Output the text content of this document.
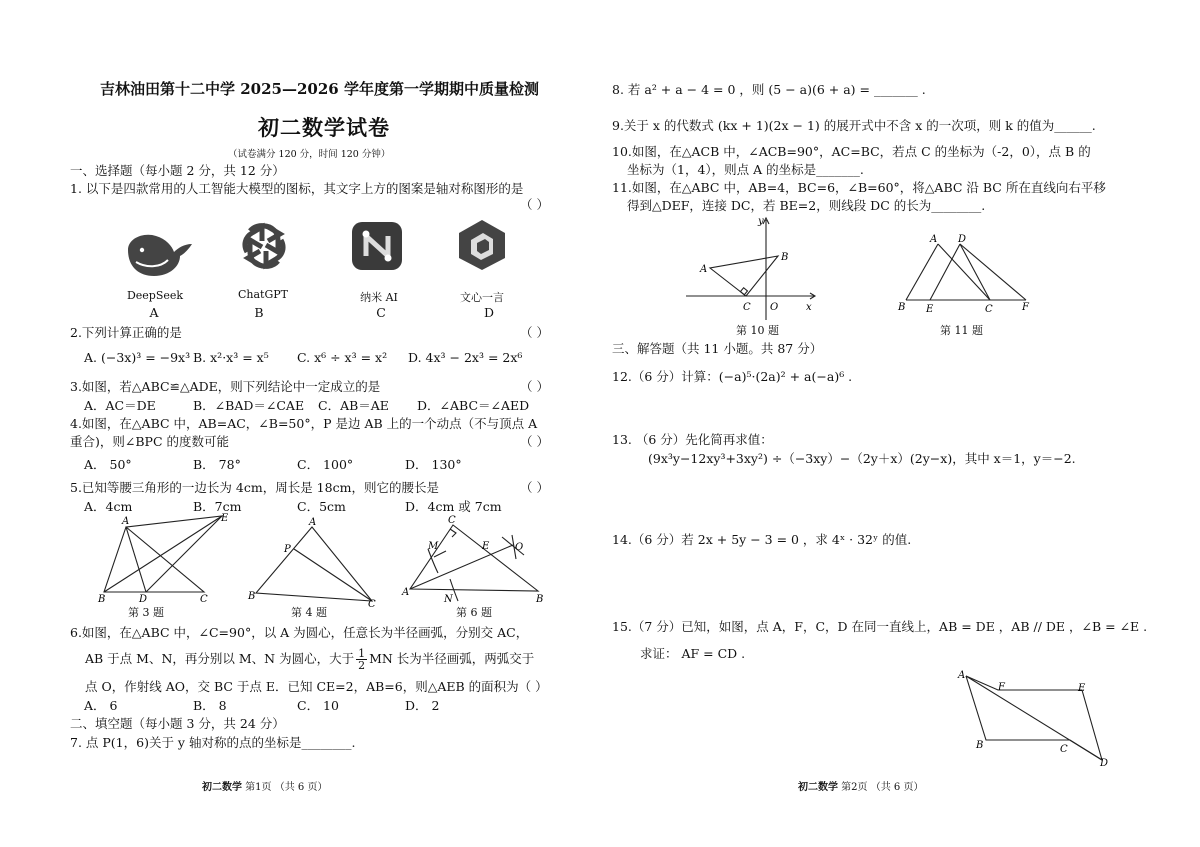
吉林油田第十二中学 2025—2026 学年度第一学期期中质量检测
初二数学试卷
（试卷满分 120 分，时间 120 分钟）
一、选择题（每小题 2 分，共 12 分）
1. 以下是四款常用的人工智能大模型的图标，其文字上方的图案是轴对称图形的是
（ ）
DeepSeek	ChatGPT	纳米 AI	文心一言
A	B	C	D
2.下列计算正确的是	（ ）
A. (−3x)³ = −9x³ B. x²·x³ = x⁵ C. x⁶ ÷ x³ = x² D. 4x³ − 2x³ = 2x⁶
3.如图，若△ABC≌△ADE，则下列结论中一定成立的是	（ ）
A．AC＝DE	B．∠BAD＝∠CAE C．AB＝AE D．∠ABC＝∠AED
4.如图，在△ABC 中，AB=AC，∠B=50°，P 是边 AB 上的一个动点（不与顶点 A
重合)，则∠BPC 的度数可能	（ ）
A． 50°	B． 78°	C． 100°	D． 130°
5.已知等腰三角形的一边长为 4cm，周长是 18cm，则它的腰长是	（ ）
A．4cm	B．7cm	C．5cm	D．4cm 或 7cm
A	E
B	D	C
A
P
B
C
C
M	E	O
A
N	B
第 3 题	第 4 题	第 6 题
6.如图，在△ABC 中，∠C=90°，以 A 为圆心，任意长为半径画弧，分别交 AC，
AB 于点 M、N，再分别以 M、N 为圆心，大于 $\frac{1}{2}$ MN 长为半径画弧，两弧交于
点 O，作射线 AO，交 BC 于点 E．已知 CE=2，AB=6，则△AEB 的面积为（ ）
A． 6	B． 8	C． 10	D． 2
二、填空题（每小题 3 分，共 24 分）
7. 点 P(1，6)关于 y 轴对称的点的坐标是________.
初二数学 第1页 （共 6 页）
8. 若 a² + a − 4 = 0 ，则 (5 − a)(6 + a) = _______ .
9.关于 x 的代数式 (kx + 1)(2x − 1) 的展开式中不含 x 的一次项，则 k 的值为______.
10.如图，在△ACB 中，∠ACB=90°，AC=BC，若点 C 的坐标为（-2，0），点 B 的
坐标为（1，4），则点 A 的坐标是_______.
11.如图，在△ABC 中，AB=4，BC=6，∠B=60°，将△ABC 沿 BC 所在直线向右平移
得到△DEF，连接 DC，若 BE=2，则线段 DC 的长为________.
y
x
B
A
C O
A D
B E	C	F
第 10 题	第 11 题
三、解答题（共 11 小题。共 87 分）
12.（6 分）计算：(−a)⁵·(2a)² + a(−a)⁶ .
13. （6 分）先化简再求值：
(9x³y−12xy³+3xy²) ÷（−3xy）−（2y＋x）(2y−x)，其中 x＝1，y＝−2.
14.（6 分）若 2x + 5y − 3 = 0 ，求 4ˣ · 32ʸ 的值.
15.（7 分）已知，如图，点 A，F，C，D 在同一直线上，AB = DE ，AB // DE ，∠B = ∠E .
求证： AF = CD .
A
F	E
B	C
D
初二数学 第2页 （共 6 页）
